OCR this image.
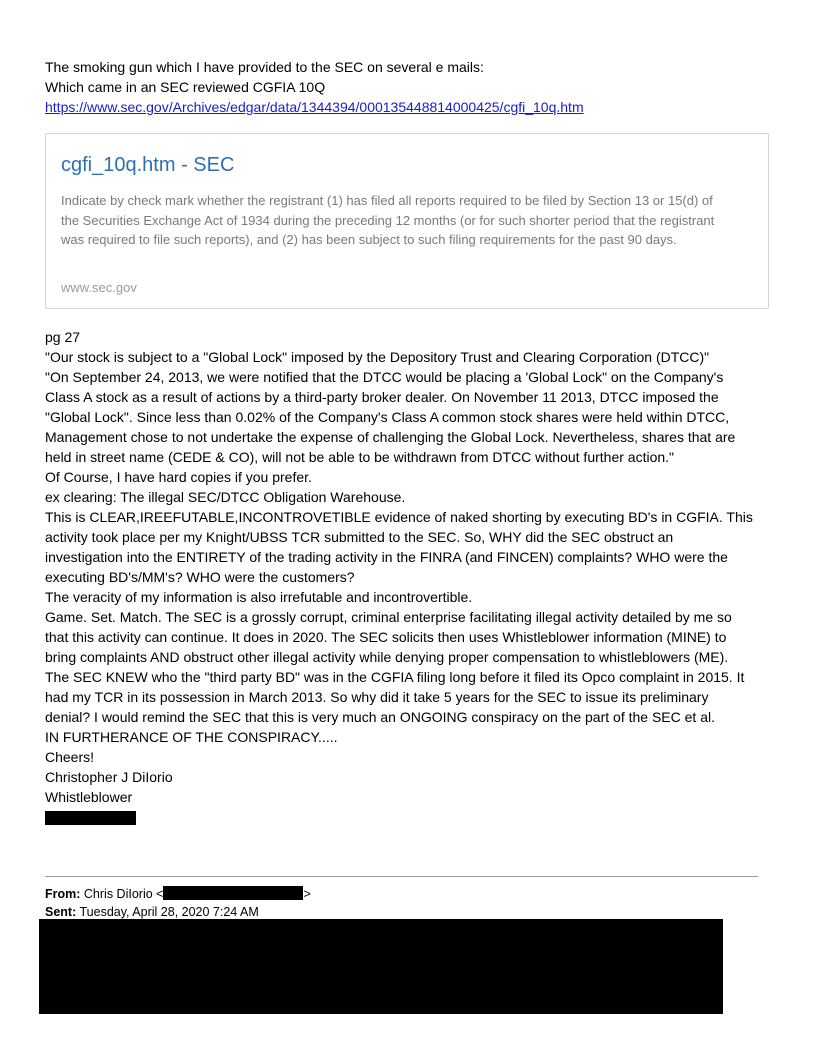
The smoking gun which I have provided to the SEC on several e mails:
Which came in an SEC reviewed CGFIA 10Q
https://www.sec.gov/Archives/edgar/data/1344394/000135448814000425/cgfi_10q.htm
cgfi_10q.htm - SEC
Indicate by check mark whether the registrant (1) has filed all reports required to be filed by Section 13 or 15(d) of the Securities Exchange Act of 1934 during the preceding 12 months (or for such shorter period that the registrant was required to file such reports), and (2) has been subject to such filing requirements for the past 90 days.
www.sec.gov
pg 27
"Our stock is subject to a "Global Lock" imposed by the Depository Trust and Clearing Corporation (DTCC)"
"On September 24, 2013, we were notified that the DTCC would be placing a 'Global Lock" on the Company's
Class A stock as a result of actions by a third-party broker dealer. On November 11 2013, DTCC imposed the
"Global Lock". Since less than 0.02% of the Company's Class A common stock shares were held within DTCC,
Management chose to not undertake the expense of challenging the Global Lock. Nevertheless, shares that are
held in street name (CEDE & CO), will not be able to be withdrawn from DTCC without further action."
Of Course, I have hard copies if you prefer.
ex clearing: The illegal SEC/DTCC Obligation Warehouse.
This is CLEAR,IREEFUTABLE,INCONTROVETIBLE evidence of naked shorting by executing BD's in CGFIA. This
activity took place per my Knight/UBSS TCR submitted to the SEC. So, WHY did the SEC obstruct an
investigation into the ENTIRETY of the trading activity in the FINRA (and FINCEN) complaints? WHO were the
executing BD's/MM's? WHO were the customers?
The veracity of my information is also irrefutable and incontrovertible.
Game. Set. Match. The SEC is a grossly corrupt, criminal enterprise facilitating illegal activity detailed by me so
that this activity can continue. It does in 2020. The SEC solicits then uses Whistleblower information (MINE) to
bring complaints AND obstruct other illegal activity while denying proper compensation to whistleblowers (ME).
The SEC KNEW who the "third party BD" was in the CGFIA filing long before it filed its Opco complaint in 2015. It
had my TCR in its possession in March 2013. So why did it take 5 years for the SEC to issue its preliminary
denial? I would remind the SEC that this is very much an ONGOING conspiracy on the part of the SEC et al.
IN FURTHERANCE OF THE CONSPIRACY.....
Cheers!
Christopher J DiIorio
Whistleblower
From: Chris DiIorio <	>
Sent: Tuesday, April 28, 2020 7:24 AM
